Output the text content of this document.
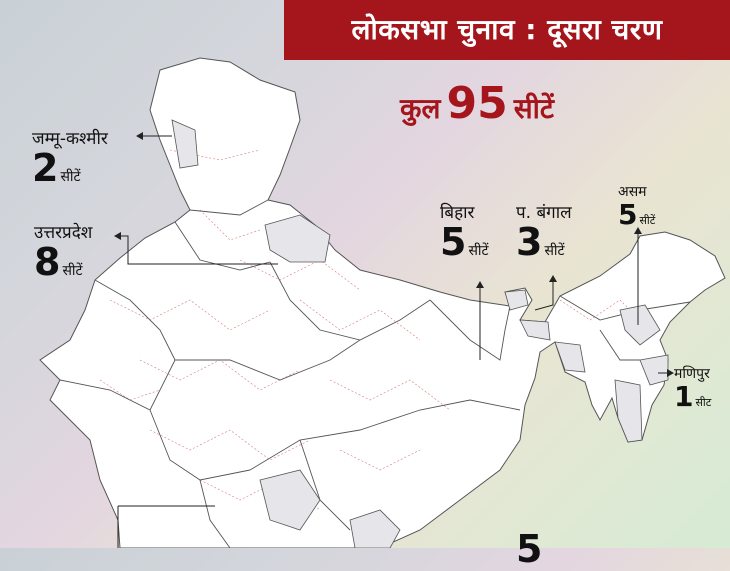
लोकसभा चुनाव : दूसरा चरण
कुल 95 सीटें
जम्मू-कश्मीर
2 सीटें
उत्तरप्रदेश
8 सीटें
बिहार
5 सीटें
प. बंगाल
3 सीटें
असम
5 सीटें
मणिपुर
1 सीट
5
